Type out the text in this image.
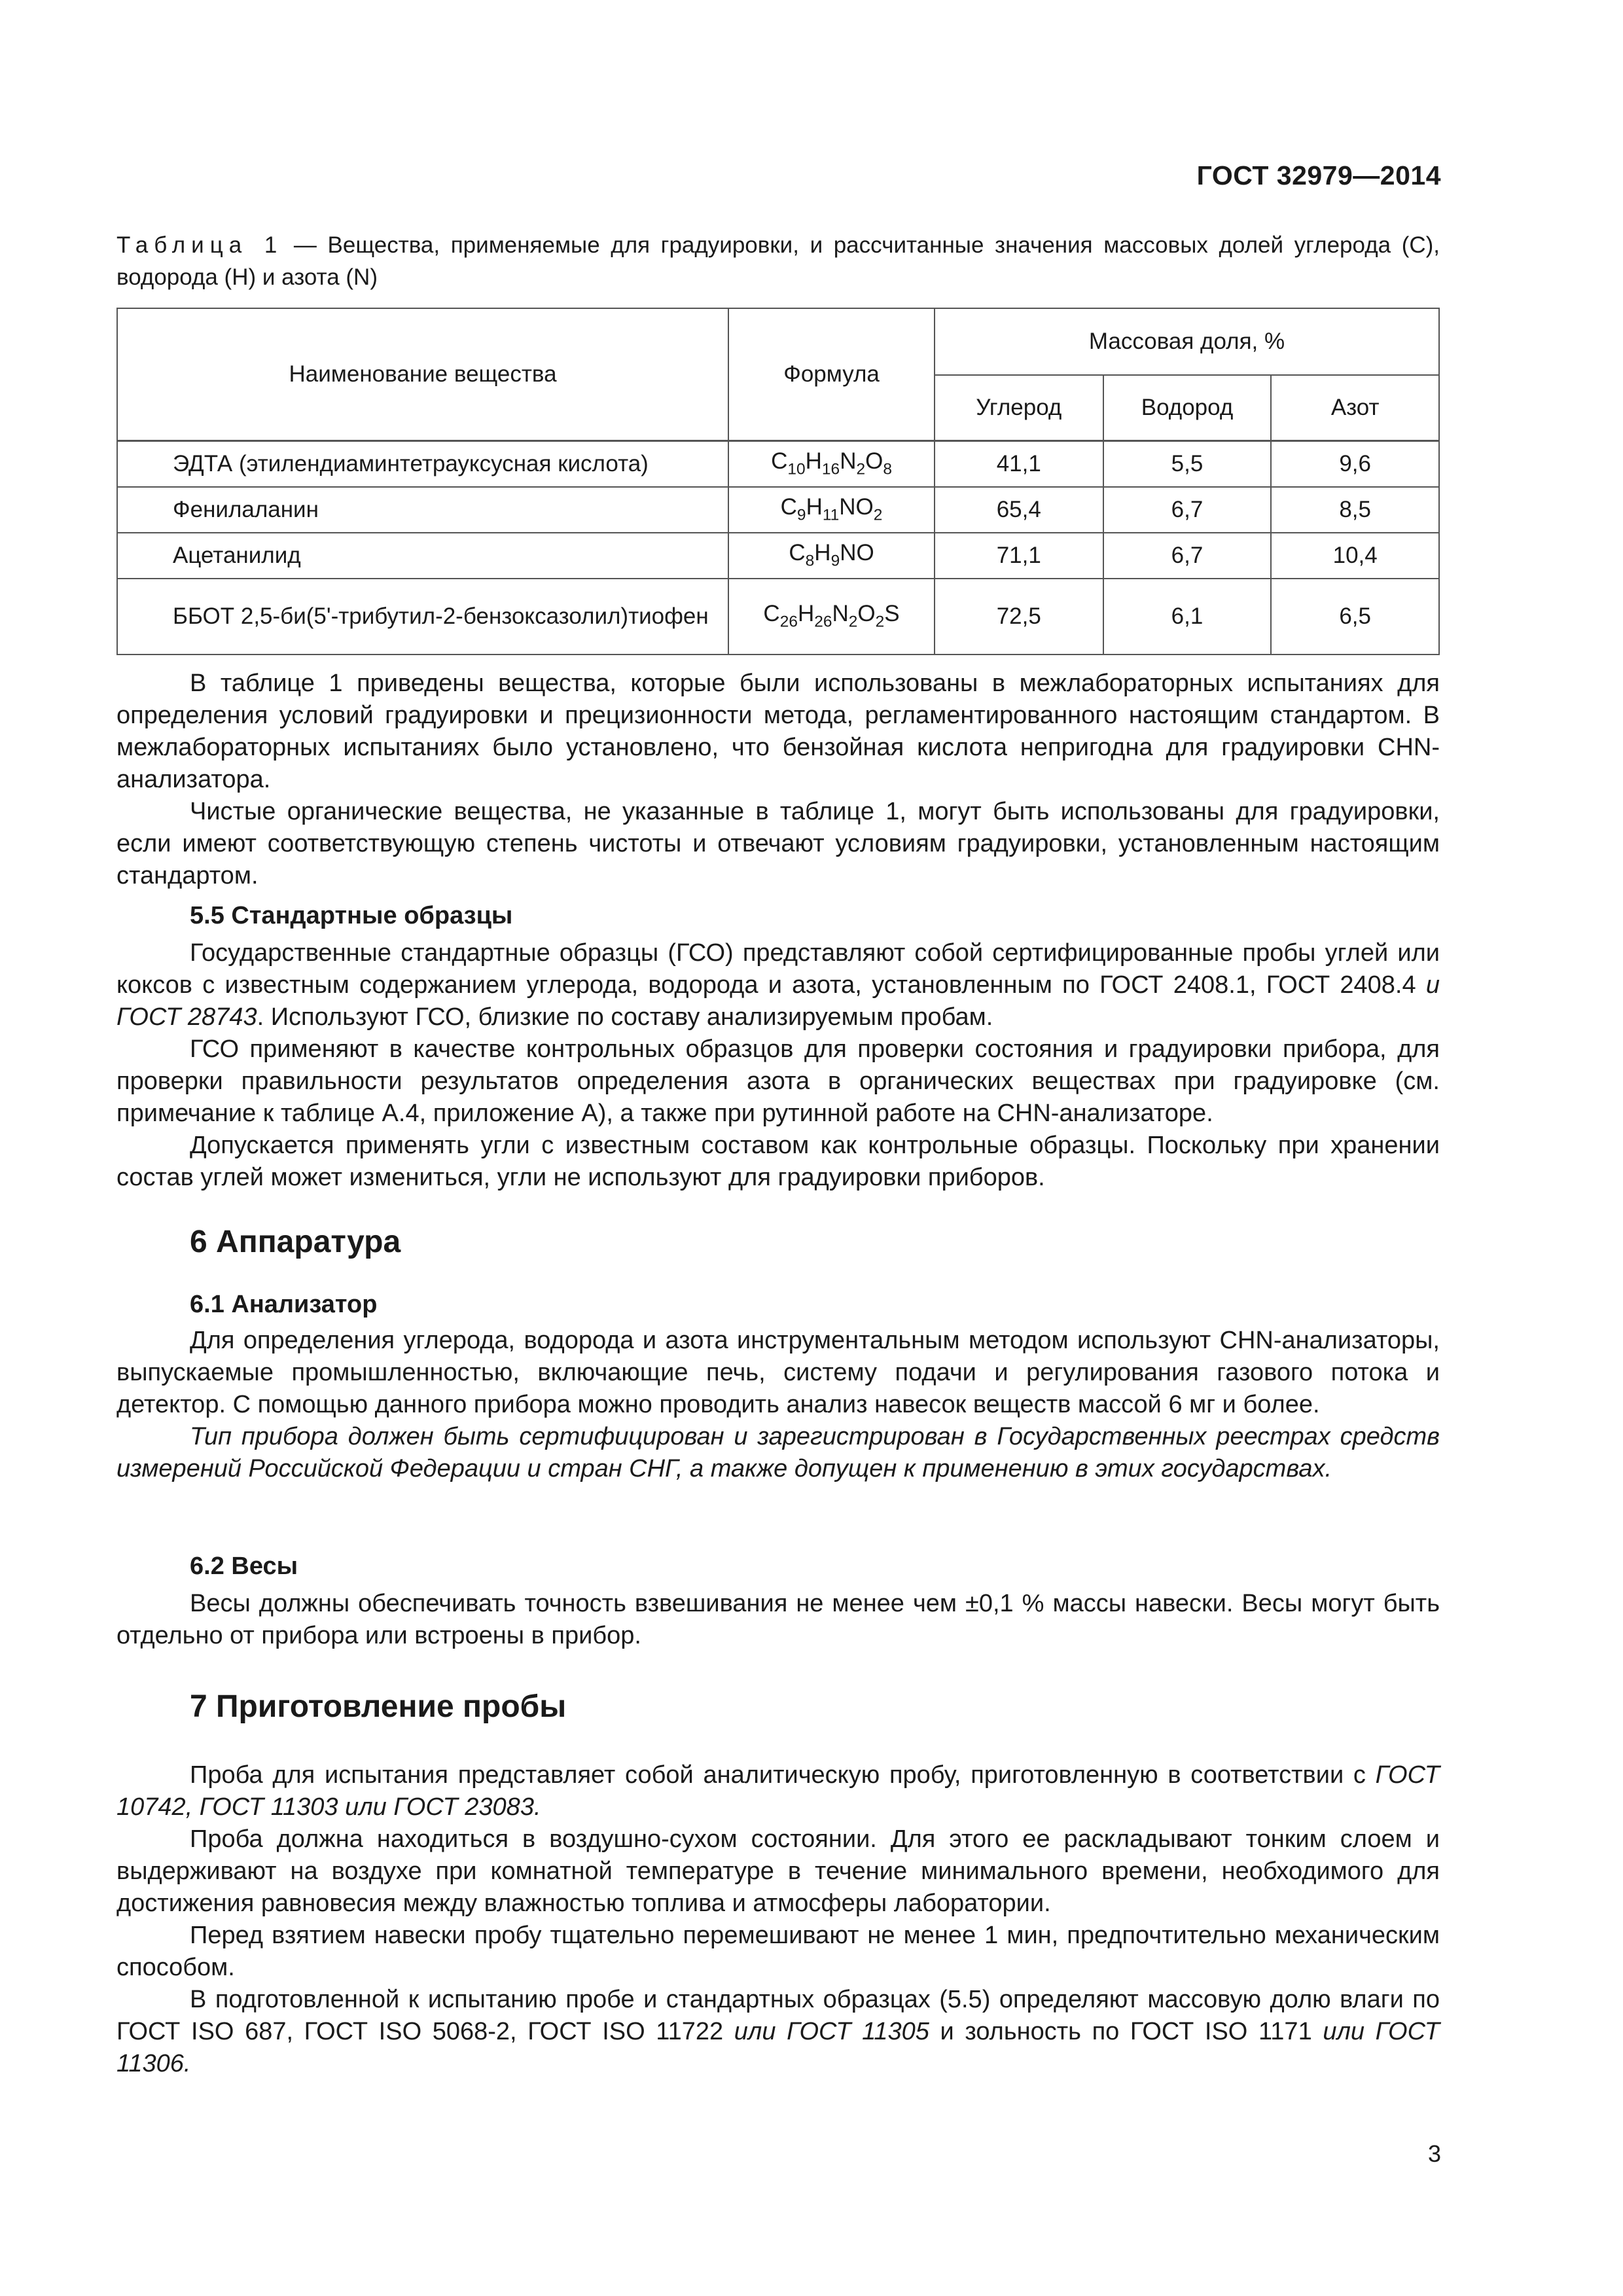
ГОСТ 32979—2014
Таблица 1 — Вещества, применяемые для градуировки, и рассчитанные значения массовых долей углерода (С), водорода (Н) и азота (N)
Наименование вещества	Формула	Массовая доля, %		
		Углерод	Водород	Азот
ЭДТА (этилендиаминтетрауксусная кислота)	$C_{10}H_{16}N_2O_8$	41,1	5,5	9,6
Фенилаланин	$C_9H_{11}NO_2$	65,4	6,7	8,5
Ацетанилид	$C_8H_9NO$	71,1	6,7	10,4
ББОТ 2,5-би(5'-трибутил-2-бензоксазолил)тиофен	$C_{26}H_{26}N_2O_2S$	72,5	6,1	6,5

В таблице 1 приведены вещества, которые были использованы в межлабораторных испытаниях для определения условий градуировки и прецизионности метода, регламентированного настоящим стандартом. В межлабораторных испытаниях было установлено, что бензойная кислота непригодна для градуировки CHN-анализатора.

Чистые органические вещества, не указанные в таблице 1, могут быть использованы для градуировки, если имеют соответствующую степень чистоты и отвечают условиям градуировки, установленным настоящим стандартом.

5.5 Стандартные образцы

Государственные стандартные образцы (ГСО) представляют собой сертифицированные пробы углей или коксов с известным содержанием углерода, водорода и азота, установленным по ГОСТ 2408.1, ГОСТ 2408.4 и ГОСТ 28743. Используют ГСО, близкие по составу анализируемым пробам.

ГСО применяют в качестве контрольных образцов для проверки состояния и градуировки прибора, для проверки правильности результатов определения азота в органических веществах при градуировке (см. примечание к таблице А.4, приложение А), а также при рутинной работе на CHN-анализаторе.

Допускается применять угли с известным составом как контрольные образцы. Поскольку при хранении состав углей может измениться, угли не используют для градуировки приборов.

6 Аппаратура
6.1 Анализатор

Для определения углерода, водорода и азота инструментальным методом используют CHN-анализаторы, выпускаемые промышленностью, включающие печь, систему подачи и регулирования газового потока и детектор. С помощью данного прибора можно проводить анализ навесок веществ массой 6 мг и более.

Тип прибора должен быть сертифицирован и зарегистрирован в Государственных реестрах средств измерений Российской Федерации и стран СНГ, а также допущен к применению в этих государствах.

6.2 Весы

Весы должны обеспечивать точность взвешивания не менее чем ±0,1 % массы навески. Весы могут быть отдельно от прибора или встроены в прибор.

7 Приготовление пробы

Проба для испытания представляет собой аналитическую пробу, приготовленную в соответствии с ГОСТ 10742, ГОСТ 11303 или ГОСТ 23083.

Проба должна находиться в воздушно-сухом состоянии. Для этого ее раскладывают тонким слоем и выдерживают на воздухе при комнатной температуре в течение минимального времени, необходимого для достижения равновесия между влажностью топлива и атмосферы лаборатории.

Перед взятием навески пробу тщательно перемешивают не менее 1 мин, предпочтительно механическим способом.

В подготовленной к испытанию пробе и стандартных образцах (5.5) определяют массовую долю влаги по ГОСТ ISO 687, ГОСТ ISO 5068-2, ГОСТ ISO 11722 или ГОСТ 11305 и зольность по ГОСТ ISO 1171 или ГОСТ 11306.

3
